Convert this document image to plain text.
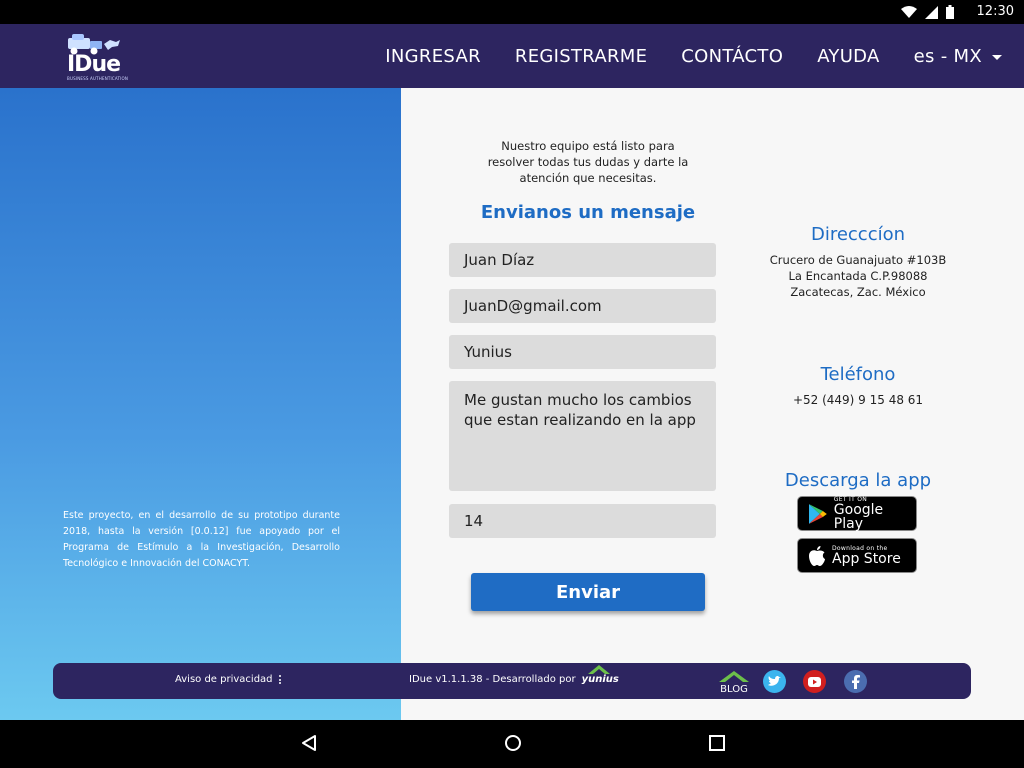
12:30
IDue
BUSINESS AUTHENTICATION
INGRESAR REGISTRARME CONTÁCTO AYUDA es - MX

Este proyecto, en el desarrollo de su prototipo durante 2018, hasta la versión [0.0.12] fue apoyado por el Programa de Estímulo a la Investigación, Desarrollo Tecnológico e Innovación del CONACYT.

Nuestro equipo está listo para resolver todas tus dudas y darte la atención que necesitas.

Envianos un mensaje
Juan Díaz
JuanD@gmail.com
Yunius
Me gustan mucho los cambios que estan realizando en la app
14
Enviar
Direcccíon
Crucero de Guanajuato #103B
La Encantada C.P.98088
Zacatecas, Zac. México
Teléfono
+52 (449) 9 15 48 61
Descarga la app
GET IT ON
Google Play
Download on the
App Store
Aviso de privacidad	IDue v1.1.1.38 - Desarrollado por yunius
BLOG
